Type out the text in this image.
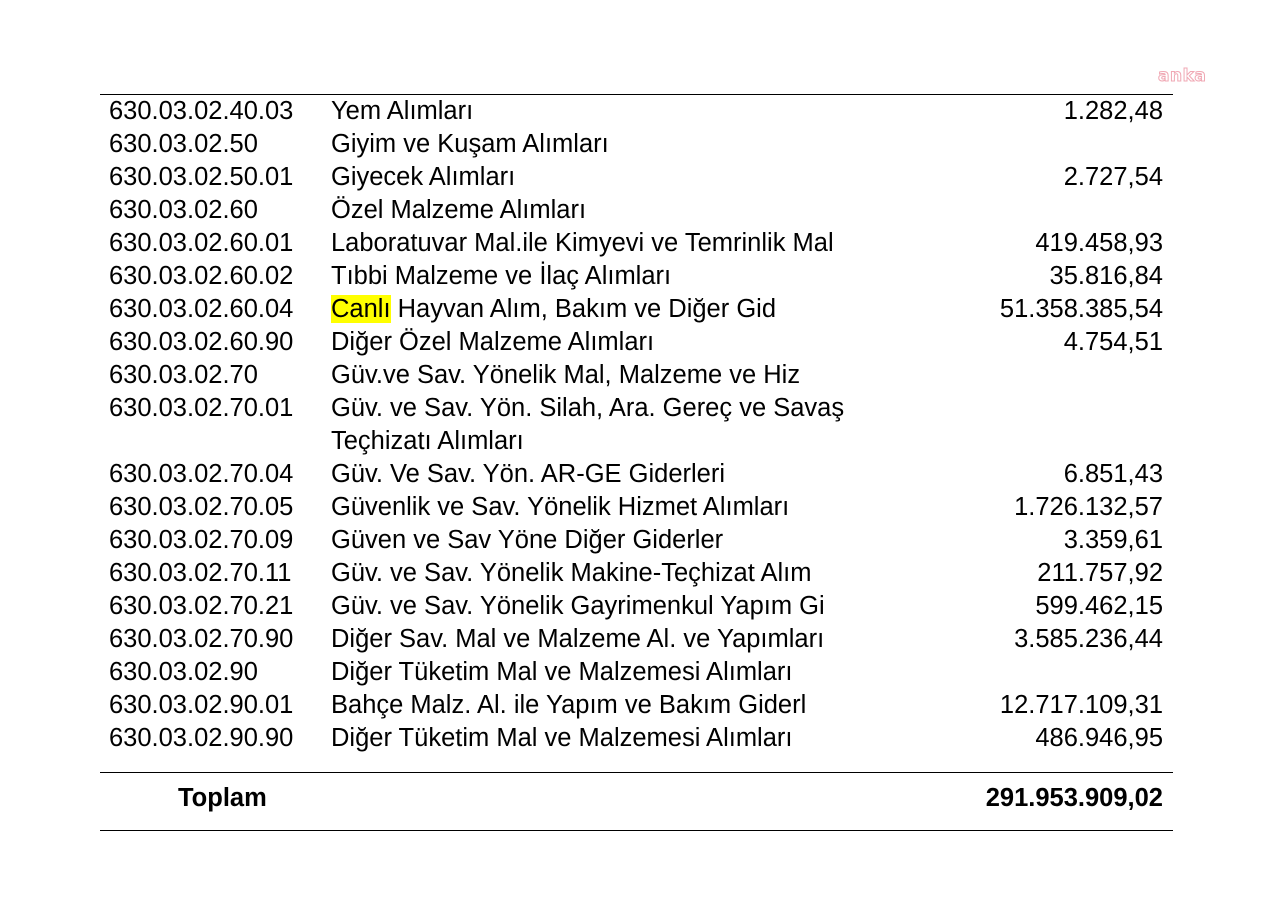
anka
630.03.02.40.03 Yem Alımları	1.282,48
630.03.02.50	Giyim ve Kuşam Alımları
630.03.02.50.01 Giyecek Alımları	2.727,54
630.03.02.60	Özel Malzeme Alımları
630.03.02.60.01 Laboratuvar Mal.ile Kimyevi ve Temrinlik Mal	419.458,93
630.03.02.60.02 Tıbbi Malzeme ve İlaç Alımları	35.816,84
630.03.02.60.04 Canlı Hayvan Alım, Bakım ve Diğer Gid	51.358.385,54
630.03.02.60.90 Diğer Özel Malzeme Alımları	4.754,51
630.03.02.70	Güv.ve Sav. Yönelik Mal, Malzeme ve Hiz
630.03.02.70.01 Güv. ve Sav. Yön. Silah, Ara. Gereç ve Savaş Teçhizatı Alımları
630.03.02.70.04 Güv. Ve Sav. Yön. AR-GE Giderleri	6.851,43
630.03.02.70.05 Güvenlik ve Sav. Yönelik Hizmet Alımları	1.726.132,57
630.03.02.70.09 Güven ve Sav Yöne Diğer Giderler	3.359,61
630.03.02.70.11 Güv. ve Sav. Yönelik Makine-Teçhizat Alım	211.757,92
630.03.02.70.21 Güv. ve Sav. Yönelik Gayrimenkul Yapım Gi	599.462,15
630.03.02.70.90 Diğer Sav. Mal ve Malzeme Al. ve Yapımları	3.585.236,44
630.03.02.90	Diğer Tüketim Mal ve Malzemesi Alımları
630.03.02.90.01 Bahçe Malz. Al. ile Yapım ve Bakım Giderl	12.717.109,31
630.03.02.90.90 Diğer Tüketim Mal ve Malzemesi Alımları	486.946,95
Toplam	291.953.909,02
